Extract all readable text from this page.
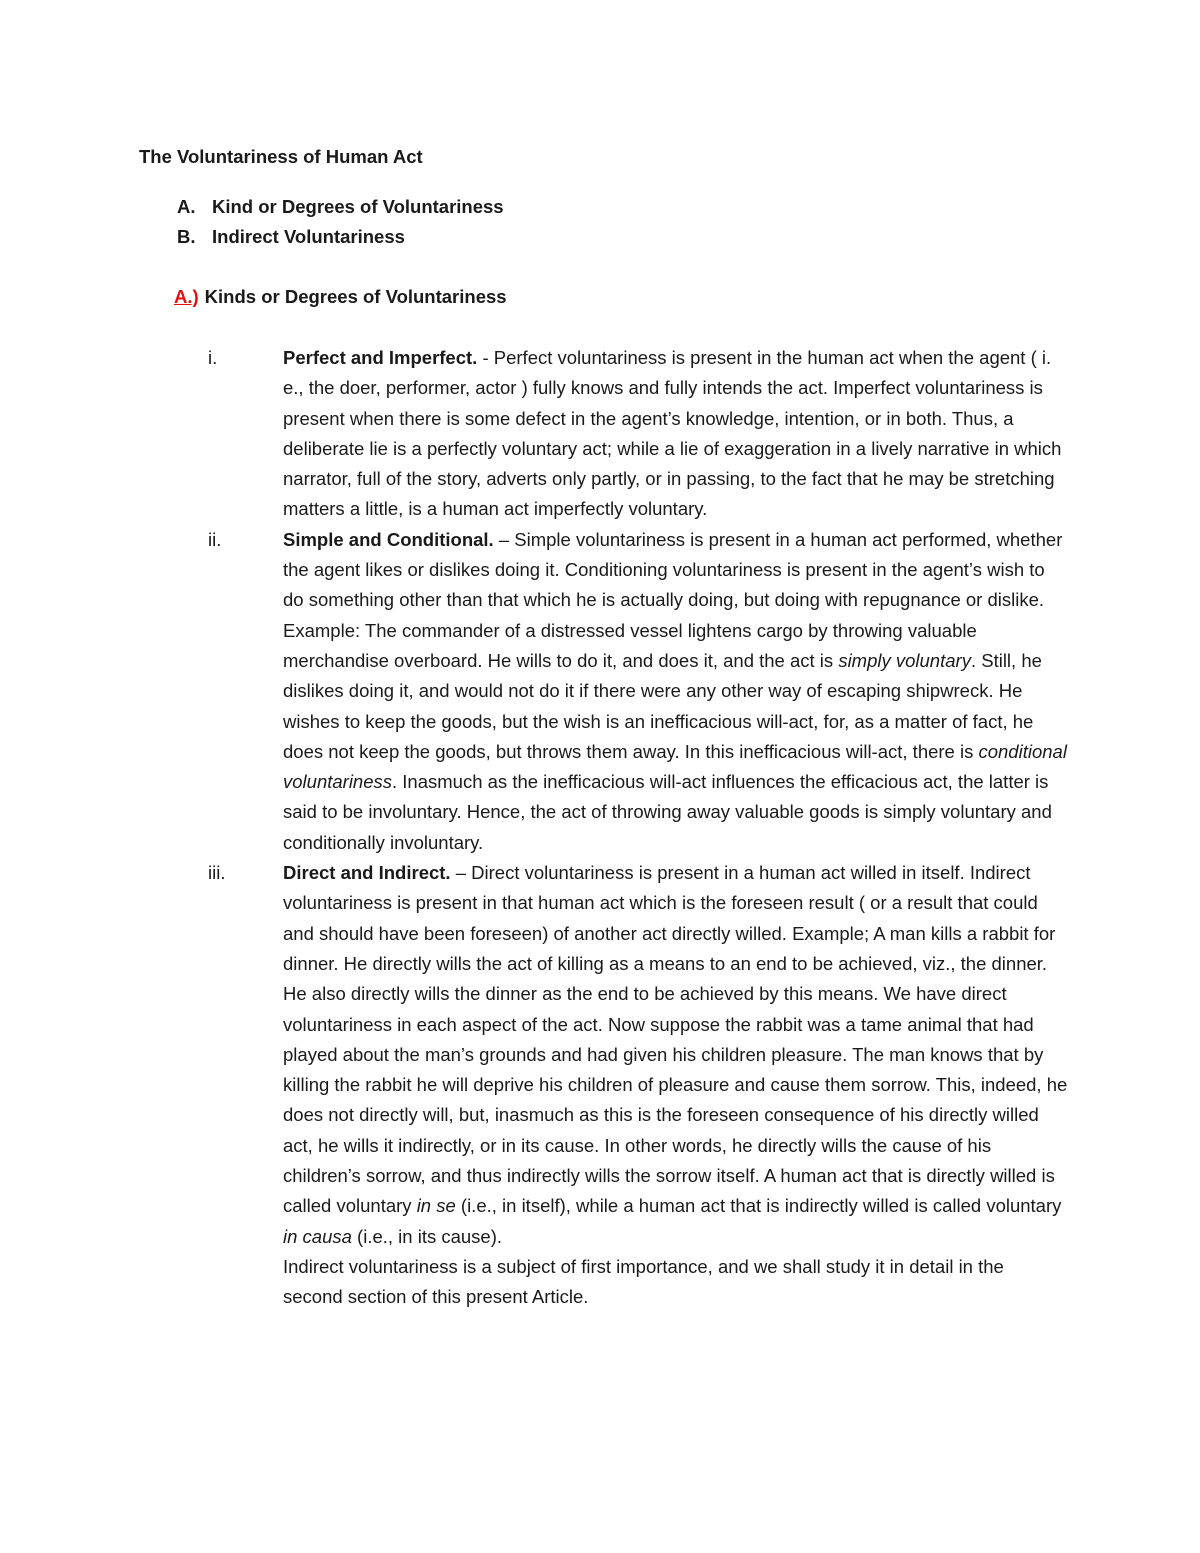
The Voluntariness of Human Act

A. Kind or Degrees of Voluntariness
B. Indirect Voluntariness

A.) Kinds or Degrees of Voluntariness

i.	Perfect and Imperfect. - Perfect voluntariness is present in the human act when the agent ( i. e., the doer, performer, actor ) fully knows and fully intends the act. Imperfect voluntariness is present when there is some defect in the agent’s knowledge, intention, or in both. Thus, a deliberate lie is a perfectly voluntary act; while a lie of exaggeration in a lively narrative in which narrator, full of the story, adverts only partly, or in passing, to the fact that he may be stretching matters a little, is a human act imperfectly voluntary.

ii.	Simple and Conditional. – Simple voluntariness is present in a human act performed, whether the agent likes or dislikes doing it. Conditioning voluntariness is present in the agent’s wish to do something other than that which he is actually doing, but doing with repugnance or dislike. Example: The commander of a distressed vessel lightens cargo by throwing valuable merchandise overboard. He wills to do it, and does it, and the act is simply voluntary. Still, he dislikes doing it, and would not do it if there were any other way of escaping shipwreck. He wishes to keep the goods, but the wish is an inefficacious will-act, for, as a matter of fact, he does not keep the goods, but throws them away. In this inefficacious will-act, there is conditional voluntariness. Inasmuch as the inefficacious will-act influences the efficacious act, the latter is said to be involuntary. Hence, the act of throwing away valuable goods is simply voluntary and conditionally involuntary.

iii.	Direct and Indirect. – Direct voluntariness is present in a human act willed in itself. Indirect voluntariness is present in that human act which is the foreseen result ( or a result that could and should have been foreseen) of another act directly willed. Example; A man kills a rabbit for dinner. He directly wills the act of killing as a means to an end to be achieved, viz., the dinner. He also directly wills the dinner as the end to be achieved by this means. We have direct voluntariness in each aspect of the act. Now suppose the rabbit was a tame animal that had played about the man’s grounds and had given his children pleasure. The man knows that by killing the rabbit he will deprive his children of pleasure and cause them sorrow. This, indeed, he does not directly will, but, inasmuch as this is the foreseen consequence of his directly willed act, he wills it indirectly, or in its cause. In other words, he directly wills the cause of his children’s sorrow, and thus indirectly wills the sorrow itself. A human act that is directly willed is called voluntary in se (i.e., in itself), while a human act that is indirectly willed is called voluntary in causa (i.e., in its cause).

Indirect voluntariness is a subject of first importance, and we shall study it in detail in the second section of this present Article.
